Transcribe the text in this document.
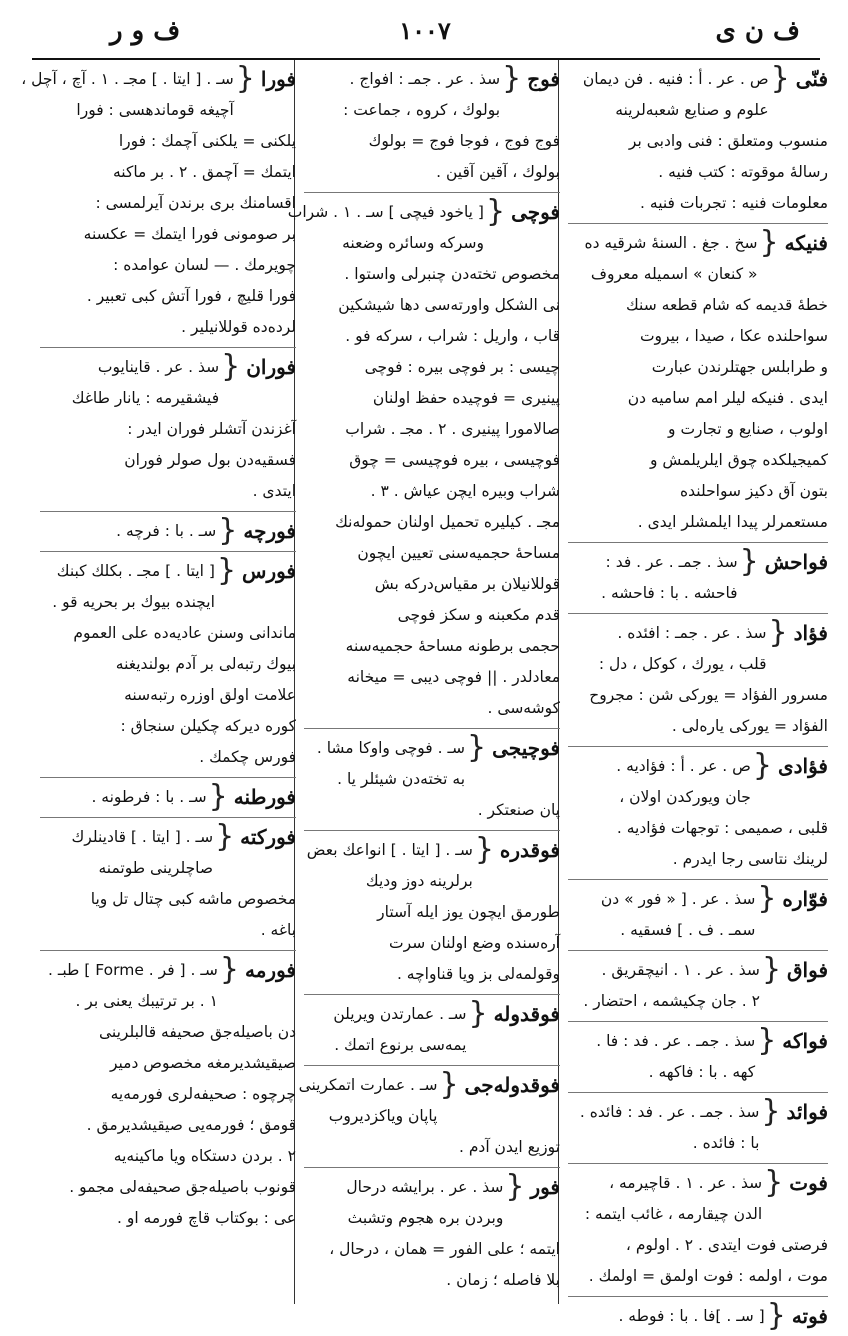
ف ن ی
١٠٠٧
ف و ر
فنّی
{
ص . عر . أ : فنيه . فن ديمان
علوم و صنايع شعبه‌لرينه
منسوب ومتعلق : فنی وادبی بر
رسالهٔ موقوته : كتب فنيه .
معلومات فنيه : تجربات فنيه .
فنيكه
{
سخ . جغ . السنهٔ شرقيه ده
« كنعان » اسميله معروف
خطهٔ قديمه كه شام قطعه سنك
سواحلنده عكا ، صيدا ، بيروت
و طرابلس جهتلرندن عبارت
ايدی . فنيكه ليلر امم ساميه دن
اولوب ، صنايع و تجارت و
كميجيلكده چوق ايلريلمش و
بتون آق دكيز سواحلنده
مستعمرلر پيدا ايلمشلر ايدی .
فواحش
{
سذ . جمـ . عر . فد :
فاحشه . با : فاحشه .
فؤاد
{
سذ . عر . جمـ : افئده .
قلب ، يورك ، كوكل ، دل :
مسرور الفؤاد = يوركی شن : مجروح
الفؤاد = يوركی ياره‌لی .
فؤادی
{
ص . عر . أ : فؤاديه .
جان ويوركدن اولان ،
قلبی ، صميمی : توجهات فؤاديه .
لرينك نتاسی رجا ايدرم .
فوّاره
{
سذ . عر . [ « فور » دن
سمـ . ف . ] فسقيه .
فواق
{
سذ . عر . ١ . انيچقريق .
٢ . جان چكيشمه ، احتضار .
فواكه
{
سذ . جمـ . عر . فد : فا .
كهه . با : فاكهه .
فوائد
{
سذ . جمـ . عر . فد : فائده .
با : فائده .
فوت
{
سذ . عر . ١ . قاچيرمه ،
الدن چيقارمه ، غائب ايتمه :
فرصتی فوت ايتدی . ٢ . اولوم ،
موت ، اولمه : فوت اولمق = اولمك .
فوته
{
[ سـ . ]فا . با : فوطه .
فوج
{
سذ . عر . جمـ : افواج .
بولوك ، كروه ، جماعت :
فوج فوج ، فوجا فوج = بولوك
بولوك ، آقين آقين .
فوچی
{
[ ياخود فيچی ] سـ . ١ . شراب
وسركه وسائره وضعنه
مخصوص تخته‌دن چنبرلی واستوا .
نی الشكل واورته‌سی دها شيشكين
قاب ، واريل : شراب ، سركه فو .
چيسی : بر فوچی بيره : فوچی
پينيری = فوچيده حفظ اولنان
صالامورا پينيری . ٢ . مجـ . شراب
فوچيسی ، بيره فوچيسی = چوق
شراب وبيره ايچن عياش . ٣ .
مجـ . كيليره تحميل اولنان حموله‌نك
مساحهٔ حجميه‌سنی تعيين ايچون
قوللانيلان بر مقياس‌دركه بش
قدم مكعبنه و سكز فوچی
حجمی برطونه مساحهٔ حجميه‌سنه
معادلدر . || فوچی ديبی = ميخانه
كوشه‌سی .
فوچيجی
{
سـ . فوچی واوكا مشا .
به تخته‌دن شيئلر يا .
پان صنعتكر .
فوقدره
{
سـ . [ ايتا . ] انواعك بعض
برلرينه دوز وديك
طورمق ايچون يوز ايله آستار
آره‌سنده وضع اولنان سرت
وقولمه‌لی بز ويا قناواچه .
فوقدوله
{
سـ . عمارتدن ويريلن
يمه‌سی برنوع اتمك .
فوقدوله‌جی
{
سـ . عمارت اتمكرينی
پاپان وياكزديروب
توزيع ايدن آدم .
فور
{
سذ . عر . برايشه درحال
وبردن بره هجوم وتشبث
ايتمه ؛ علی الفور = همان ، درحال ،
بلا فاصله ؛ زمان .
فورا
{
سـ . [ ايتا . ] مجـ . ١ . آچ ، آچل ،
آچيغه قوماندهسی : فورا
يلكنی = يلكنی آچمك : فورا
ايتمك = آچمق . ٢ . بر ماكنه
اقسامنك برى برندن آيرلمسی :
بر صومونی فورا ايتمك = عكسنه
چويرمك . — لسان عوامده :
فورا قليچ ، فورا آتش كبی تعبير .
لرده‌ده قوللانيلير .
فوران
{
سذ . عر . قاينايوب
فيشقيرمه : يانار طاغك
آغزندن آتشلر فوران ايدر :
فسقيه‌دن بول صولر فوران
ايتدی .
فورچه
{
سـ . با : فرچه .
فورس
{
[ ايتا . ] مجـ . بكلك كبنك
ايچنده بيوك بر بحريه قو .
ماندانی وسنن عاديه‌ده علی العموم
بيوك رتبه‌لی بر آدم بولنديغنه
علامت اولق اوزره رتبه‌سنه
كوره ديركه چكيلن سنجاق :
فورس چكمك .
فورطنه
{
سـ . با : فرطونه .
فوركته
{
سـ . [ ايتا . ] قادينلرك
صاچلرينی طوتمنه
مخصوص ماشه كبی چتال تل ويا
باغه .
فورمه
{
سـ . [ فر . Forme ] طبـ .
١ . بر ترتيبك يعنی بر .
دن باصيله‌جق صحيفه قالبلرينی
صيقيشديرمغه مخصوص دمير
چرچوه : صحيفه‌لری فورمه‌يه
قومق ؛ فورمه‌يی صيقيشديرمق .
٢ . بردن دستكاه ويا ماكينه‌يه
قونوب باصيله‌جق صحيفه‌لی مجمو .
عی : بوكتاب قاچ فورمه او .
